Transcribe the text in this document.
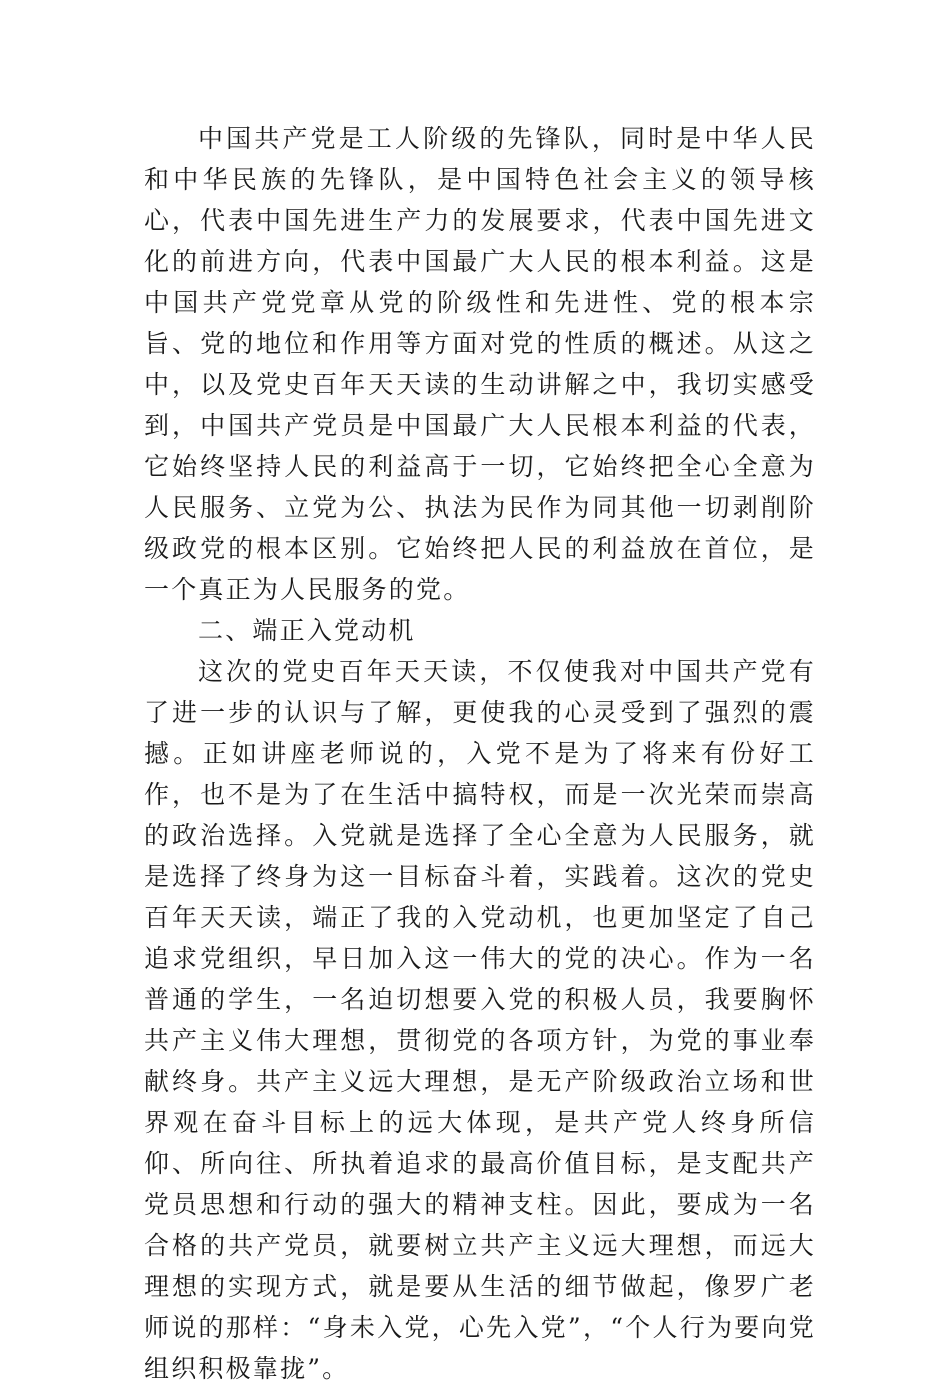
中国共产党是工人阶级的先锋队，同时是中华人民和中华民族的先锋队，是中国特色社会主义的领导核心，代表中国先进生产力的发展要求，代表中国先进文化的前进方向，代表中国最广大人民的根本利益。这是中国共产党党章从党的阶级性和先进性、党的根本宗旨、党的地位和作用等方面对党的性质的概述。从这之中，以及党史百年天天读的生动讲解之中，我切实感受到，中国共产党员是中国最广大人民根本利益的代表，它始终坚持人民的利益高于一切，它始终把全心全意为人民服务、立党为公、执法为民作为同其他一切剥削阶级政党的根本区别。它始终把人民的利益放在首位，是一个真正为人民服务的党。

二、端正入党动机

这次的党史百年天天读，不仅使我对中国共产党有了进一步的认识与了解，更使我的心灵受到了强烈的震撼。正如讲座老师说的，入党不是为了将来有份好工作，也不是为了在生活中搞特权，而是一次光荣而崇高的政治选择。入党就是选择了全心全意为人民服务，就是选择了终身为这一目标奋斗着，实践着。这次的党史百年天天读，端正了我的入党动机，也更加坚定了自己追求党组织，早日加入这一伟大的党的决心。作为一名普通的学生，一名迫切想要入党的积极人员，我要胸怀共产主义伟大理想，贯彻党的各项方针，为党的事业奉献终身。共产主义远大理想，是无产阶级政治立场和世界观在奋斗目标上的远大体现，是共产党人终身所信仰、所向往、所执着追求的最高价值目标，是支配共产党员思想和行动的强大的精神支柱。因此，要成为一名合格的共产党员，就要树立共产主义远大理想，而远大理想的实现方式，就是要从生活的细节做起，像罗广老师说的那样：“身未入党，心先入党”，“个人行为要向党组织积极靠拢”。
